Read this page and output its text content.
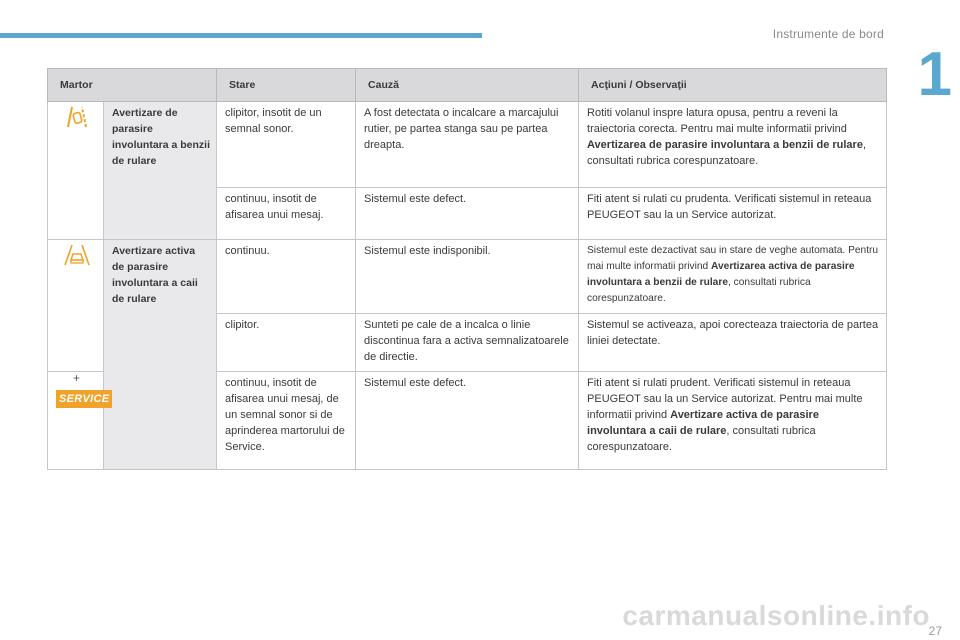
Instrumente de bord
1
Martor		Stare	Cauză	Acţiuni / Observaţii
	Avertizare de parasire involuntara a benzii de rulare	clipitor, insotit de un semnal sonor.	A fost detectata o incalcare a marcajului rutier, pe partea stanga sau pe partea dreapta.	Rotiti volanul inspre latura opusa, pentru a reveni la traiectoria corecta. Pentru mai multe informatii privind Avertizarea de parasire involuntara a benzii de rulare, consultati rubrica corespunzatoare.
		continuu, insotit de afisarea unui mesaj.	Sistemul este defect.	Fiti atent si rulati cu prudenta. Verificati sistemul in reteaua PEUGEOT sau la un Service autorizat.
	Avertizare activa de parasire involuntara a caii de rulare	continuu.	Sistemul este indisponibil.	Sistemul este dezactivat sau in stare de veghe automata. Pentru mai multe informatii privind Avertizarea activa de parasire involuntara a benzii de rulare, consultati rubrica corespunzatoare.
		clipitor.	Sunteti pe cale de a incalca o linie discontinua fara a activa semnalizatoarele de directie.	Sistemul se activeaza, apoi corecteaza traiectoria de partea liniei detectate.

+
SERVICE		continuu, insotit de afisarea unui mesaj, de un semnal sonor si de aprinderea martorului de Service.	Sistemul este defect.	Fiti atent si rulati prudent. Verificati sistemul in reteaua PEUGEOT sau la un Service autorizat. Pentru mai multe informatii privind Avertizare activa de parasire involuntara a caii de rulare, consultati rubrica corespunzatoare.
carmanualsonline.info
27
